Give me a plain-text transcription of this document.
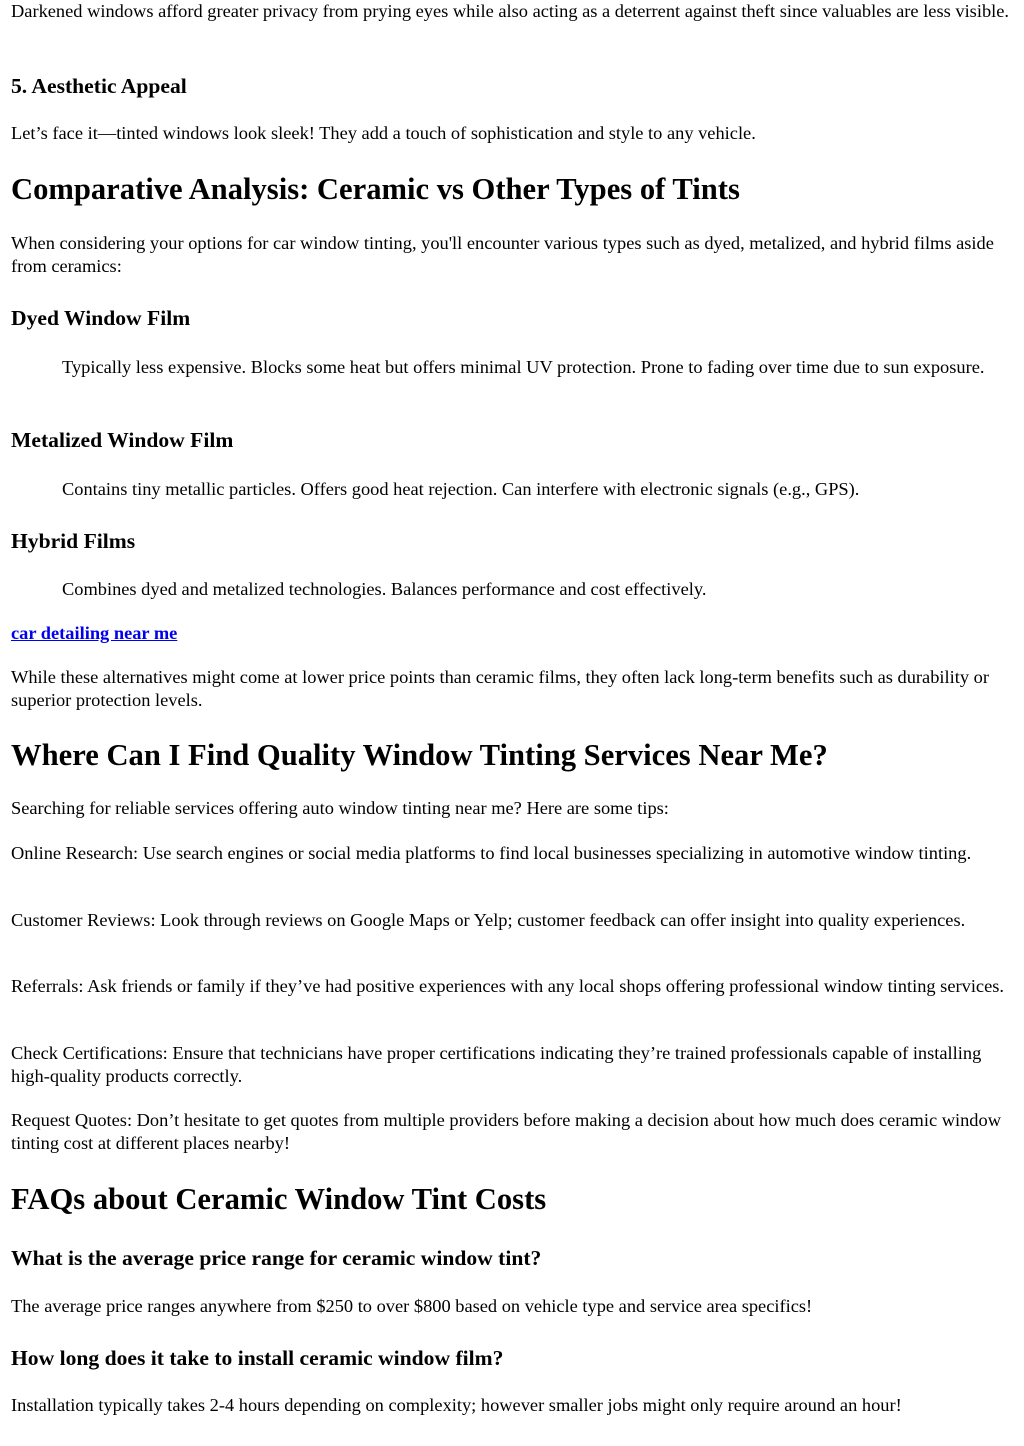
Darkened windows afford greater privacy from prying eyes while also acting as a deterrent against theft since valuables are less visible.

5. Aesthetic Appeal

Let’s face it—tinted windows look sleek! They add a touch of sophistication and style to any vehicle.

Comparative Analysis: Ceramic vs Other Types of Tints

When considering your options for car window tinting, you'll encounter various types such as dyed, metalized, and hybrid films aside from ceramics:

Dyed Window Film

Typically less expensive. Blocks some heat but offers minimal UV protection. Prone to fading over time due to sun exposure.

Metalized Window Film

Contains tiny metallic particles. Offers good heat rejection. Can interfere with electronic signals (e.g., GPS).

Hybrid Films

Combines dyed and metalized technologies. Balances performance and cost effectively.

car detailing near me

While these alternatives might come at lower price points than ceramic films, they often lack long-term benefits such as durability or superior protection levels.

Where Can I Find Quality Window Tinting Services Near Me?

Searching for reliable services offering auto window tinting near me? Here are some tips:

Online Research: Use search engines or social media platforms to find local businesses specializing in automotive window tinting.

Customer Reviews: Look through reviews on Google Maps or Yelp; customer feedback can offer insight into quality experiences.

Referrals: Ask friends or family if they’ve had positive experiences with any local shops offering professional window tinting services.

Check Certifications: Ensure that technicians have proper certifications indicating they’re trained professionals capable of installing high-quality products correctly.

Request Quotes: Don’t hesitate to get quotes from multiple providers before making a decision about how much does ceramic window tinting cost at different places nearby!

FAQs about Ceramic Window Tint Costs
What is the average price range for ceramic window tint?

The average price ranges anywhere from $250 to over $800 based on vehicle type and service area specifics!

How long does it take to install ceramic window film?

Installation typically takes 2-4 hours depending on complexity; however smaller jobs might only require around an hour!
